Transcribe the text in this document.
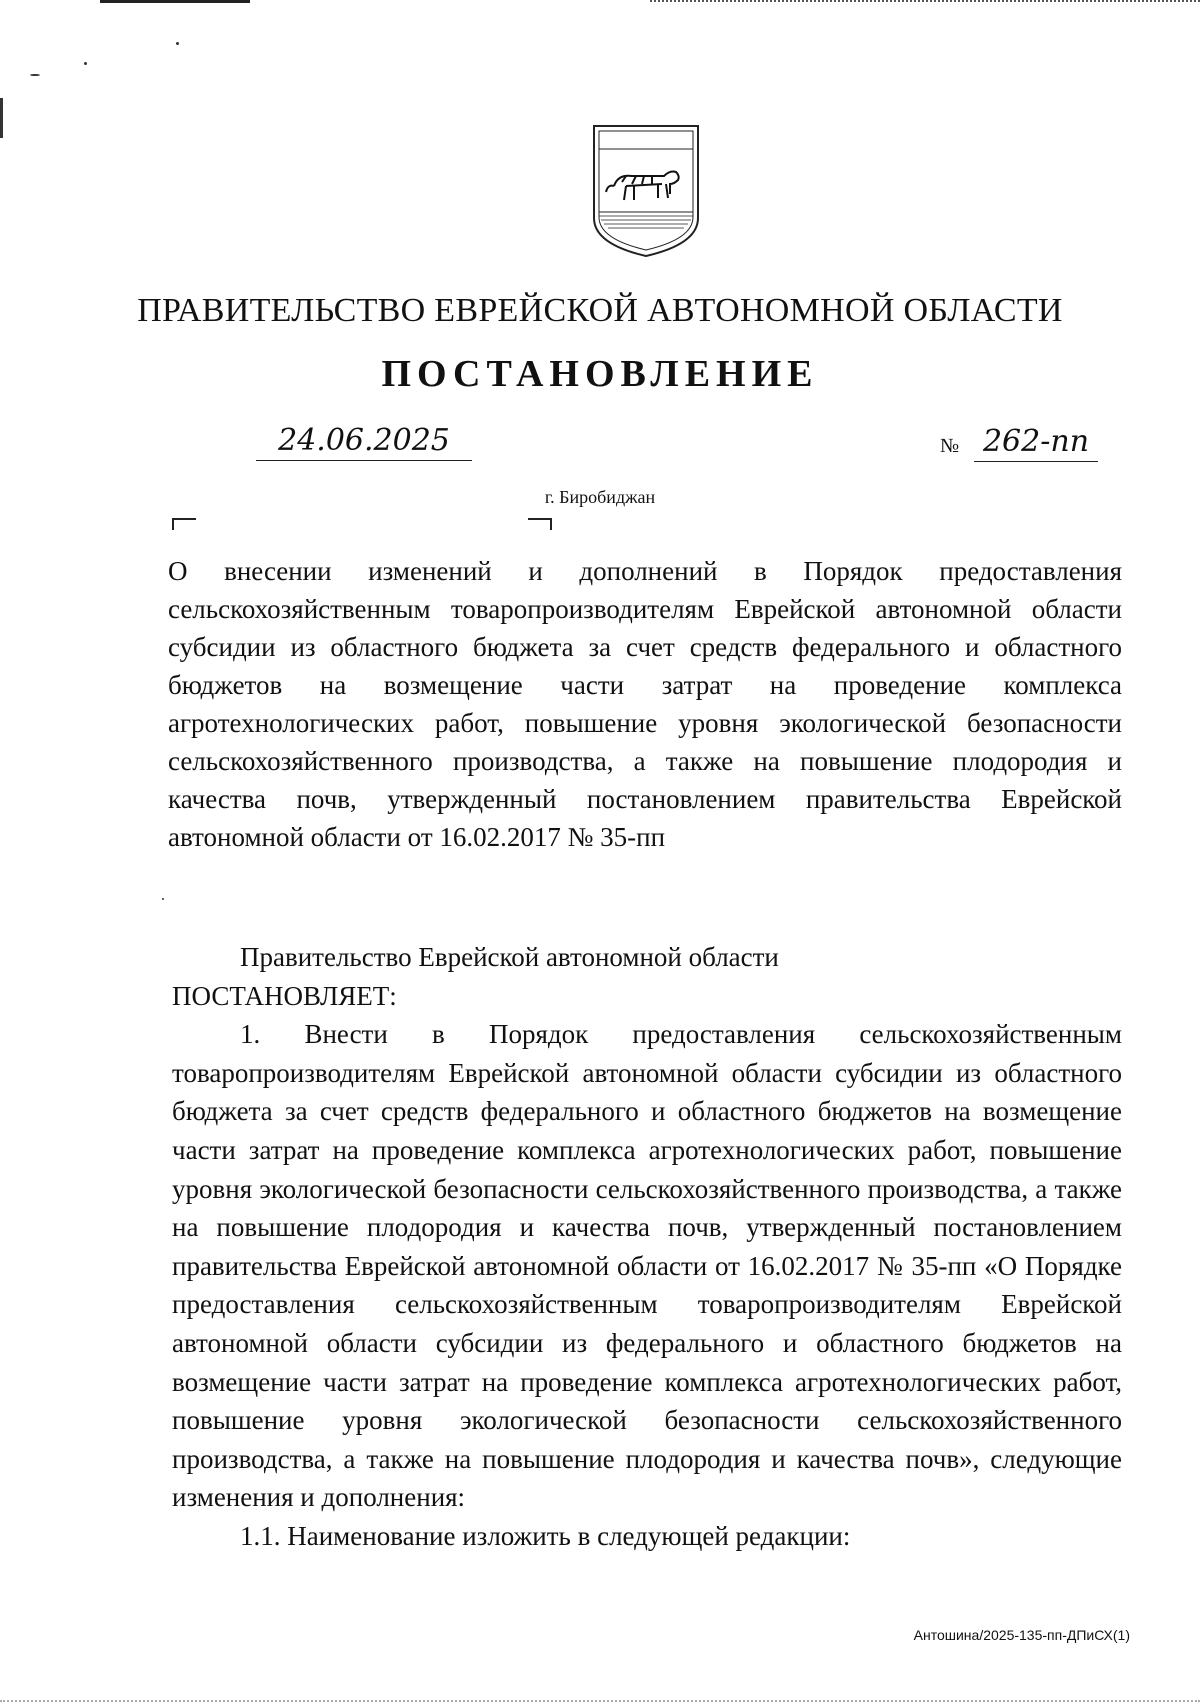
ПРАВИТЕЛЬСТВО ЕВРЕЙСКОЙ АВТОНОМНОЙ ОБЛАСТИ
ПОСТАНОВЛЕНИЕ
24.06.2025	№ 262-пп
г. Биробиджан
О внесении изменений и дополнений в Порядок предоставления сельскохозяйственным товаропроизводителям Еврейской автономной области субсидии из областного бюджета за счет средств федерального и областного бюджетов на возмещение части затрат на проведение комплекса агротехнологических работ, повышение уровня экологической безопасности сельскохозяйственного производства, а также на повышение плодородия и качества почв, утвержденный постановлением правительства Еврейской автономной области от 16.02.2017 № 35-пп

Правительство Еврейской автономной области

ПОСТАНОВЛЯЕТ:

1. Внести в Порядок предоставления сельскохозяйственным товаропроизводителям Еврейской автономной области субсидии из областного бюджета за счет средств федерального и областного бюджетов на возмещение части затрат на проведение комплекса агротехнологических работ, повышение уровня экологической безопасности сельскохозяйственного производства, а также на повышение плодородия и качества почв, утвержденный постановлением правительства Еврейской автономной области от 16.02.2017 № 35-пп «О Порядке предоставления сельскохозяйственным товаропроизводителям Еврейской автономной области субсидии из федерального и областного бюджетов на возмещение части затрат на проведение комплекса агротехнологических работ, повышение уровня экологической безопасности сельскохозяйственного производства, а также на повышение плодородия и качества почв», следующие изменения и дополнения:

1.1. Наименование изложить в следующей редакции:

Антошина/2025-135-пп-ДПиСХ(1)
